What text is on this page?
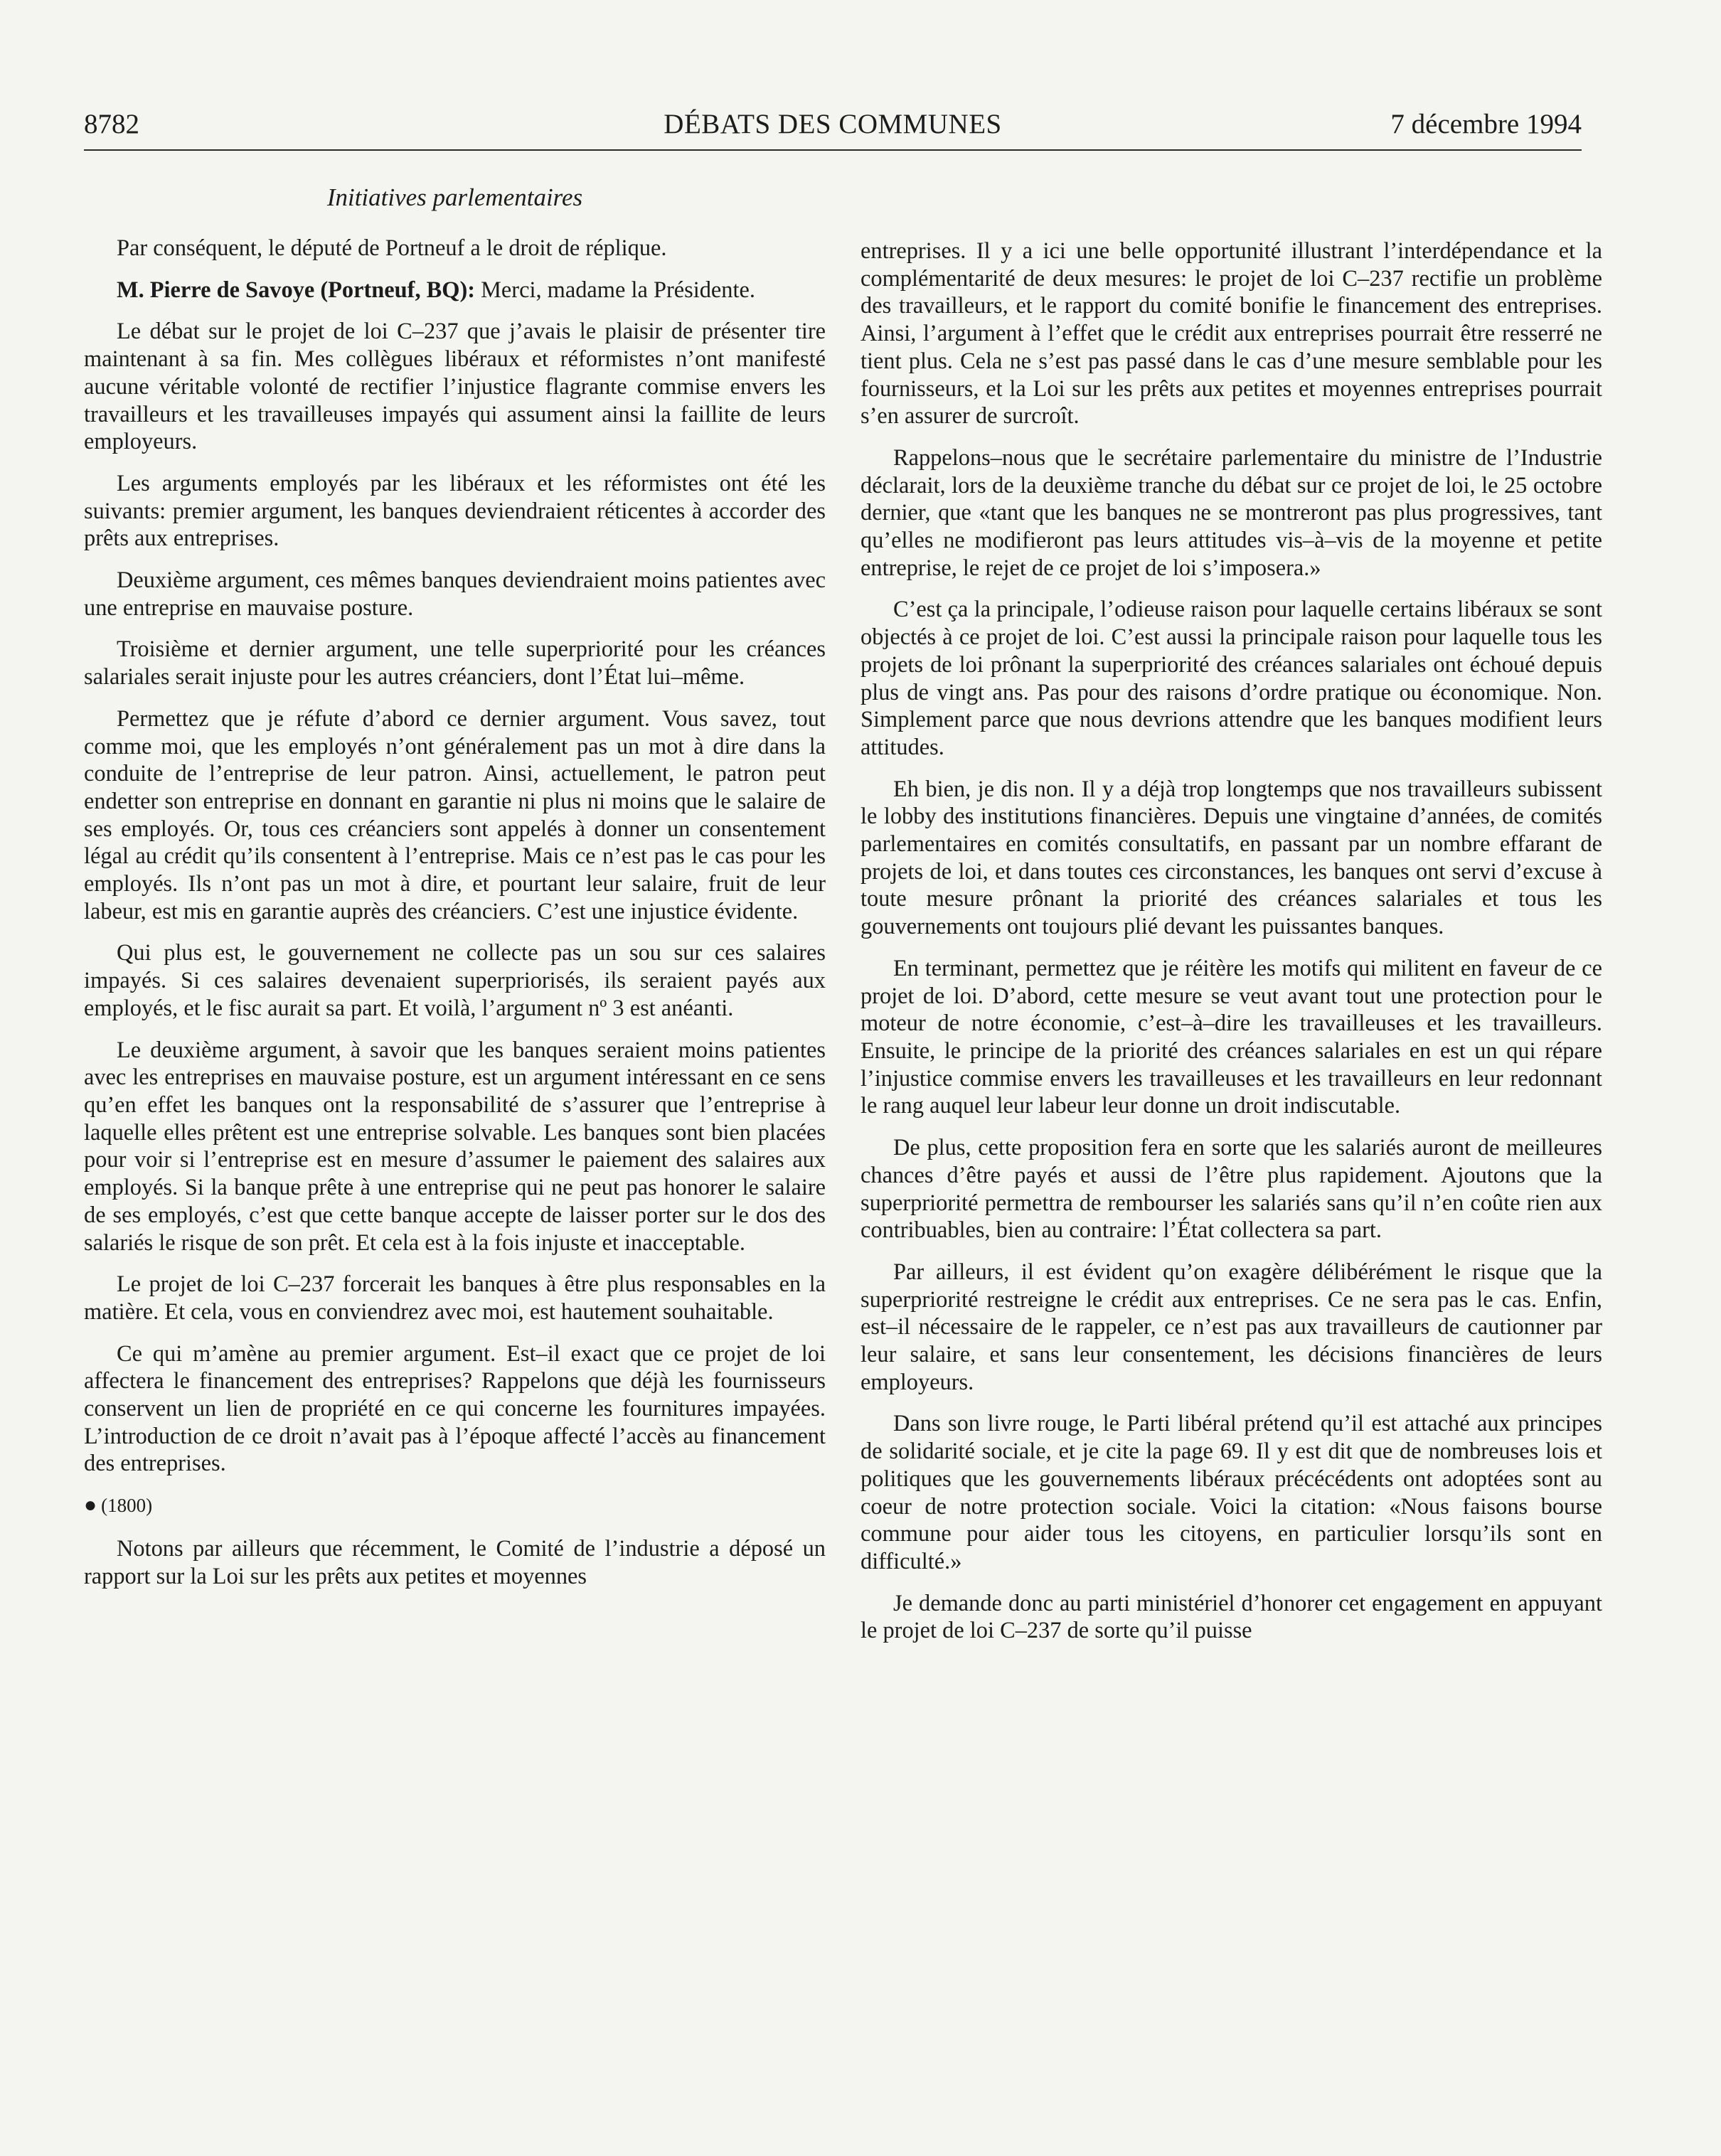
8782	DÉBATS DES COMMUNES	7 décembre 1994
Initiatives parlementaires

Par conséquent, le député de Portneuf a le droit de réplique.

M. Pierre de Savoye (Portneuf, BQ): Merci, madame la Présidente.

Le débat sur le projet de loi C–237 que j’avais le plaisir de présenter tire maintenant à sa fin. Mes collègues libéraux et réformistes n’ont manifesté aucune véritable volonté de rectifier l’injustice flagrante commise envers les travailleurs et les travailleuses impayés qui assument ainsi la faillite de leurs employeurs.

Les arguments employés par les libéraux et les réformistes ont été les suivants: premier argument, les banques deviendraient réticentes à accorder des prêts aux entreprises.

Deuxième argument, ces mêmes banques deviendraient moins patientes avec une entreprise en mauvaise posture.

Troisième et dernier argument, une telle superpriorité pour les créances salariales serait injuste pour les autres créanciers, dont l’État lui–même.

Permettez que je réfute d’abord ce dernier argument. Vous savez, tout comme moi, que les employés n’ont généralement pas un mot à dire dans la conduite de l’entreprise de leur patron. Ainsi, actuellement, le patron peut endetter son entreprise en donnant en garantie ni plus ni moins que le salaire de ses employés. Or, tous ces créanciers sont appelés à donner un consentement légal au crédit qu’ils consentent à l’entreprise. Mais ce n’est pas le cas pour les employés. Ils n’ont pas un mot à dire, et pourtant leur salaire, fruit de leur labeur, est mis en garantie auprès des créanciers. C’est une injustice évidente.

Qui plus est, le gouvernement ne collecte pas un sou sur ces salaires impayés. Si ces salaires devenaient superpriorisés, ils seraient payés aux employés, et le fisc aurait sa part. Et voilà, l’argument nº 3 est anéanti.

Le deuxième argument, à savoir que les banques seraient moins patientes avec les entreprises en mauvaise posture, est un argument intéressant en ce sens qu’en effet les banques ont la responsabilité de s’assurer que l’entreprise à laquelle elles prêtent est une entreprise solvable. Les banques sont bien placées pour voir si l’entreprise est en mesure d’assumer le paiement des salaires aux employés. Si la banque prête à une entreprise qui ne peut pas honorer le salaire de ses employés, c’est que cette banque accepte de laisser porter sur le dos des salariés le risque de son prêt. Et cela est à la fois injuste et inacceptable.

Le projet de loi C–237 forcerait les banques à être plus responsables en la matière. Et cela, vous en conviendrez avec moi, est hautement souhaitable.

Ce qui m’amène au premier argument. Est–il exact que ce projet de loi affectera le financement des entreprises? Rappelons que déjà les fournisseurs conservent un lien de propriété en ce qui concerne les fournitures impayées. L’introduction de ce droit n’avait pas à l’époque affecté l’accès au financement des entreprises.

● (1800)

Notons par ailleurs que récemment, le Comité de l’industrie a déposé un rapport sur la Loi sur les prêts aux petites et moyennes

entreprises. Il y a ici une belle opportunité illustrant l’interdépendance et la complémentarité de deux mesures: le projet de loi C–237 rectifie un problème des travailleurs, et le rapport du comité bonifie le financement des entreprises. Ainsi, l’argument à l’effet que le crédit aux entreprises pourrait être resserré ne tient plus. Cela ne s’est pas passé dans le cas d’une mesure semblable pour les fournisseurs, et la Loi sur les prêts aux petites et moyennes entreprises pourrait s’en assurer de surcroît.

Rappelons–nous que le secrétaire parlementaire du ministre de l’Industrie déclarait, lors de la deuxième tranche du débat sur ce projet de loi, le 25 octobre dernier, que «tant que les banques ne se montreront pas plus progressives, tant qu’elles ne modifieront pas leurs attitudes vis–à–vis de la moyenne et petite entreprise, le rejet de ce projet de loi s’imposera.»

C’est ça la principale, l’odieuse raison pour laquelle certains libéraux se sont objectés à ce projet de loi. C’est aussi la principale raison pour laquelle tous les projets de loi prônant la superpriorité des créances salariales ont échoué depuis plus de vingt ans. Pas pour des raisons d’ordre pratique ou économique. Non. Simplement parce que nous devrions attendre que les banques modifient leurs attitudes.

Eh bien, je dis non. Il y a déjà trop longtemps que nos travailleurs subissent le lobby des institutions financières. Depuis une vingtaine d’années, de comités parlementaires en comités consultatifs, en passant par un nombre effarant de projets de loi, et dans toutes ces circonstances, les banques ont servi d’excuse à toute mesure prônant la priorité des créances salariales et tous les gouvernements ont toujours plié devant les puissantes banques.

En terminant, permettez que je réitère les motifs qui militent en faveur de ce projet de loi. D’abord, cette mesure se veut avant tout une protection pour le moteur de notre économie, c’est–à–dire les travailleuses et les travailleurs. Ensuite, le principe de la priorité des créances salariales en est un qui répare l’injustice commise envers les travailleuses et les travailleurs en leur redonnant le rang auquel leur labeur leur donne un droit indiscutable.

De plus, cette proposition fera en sorte que les salariés auront de meilleures chances d’être payés et aussi de l’être plus rapidement. Ajoutons que la superpriorité permettra de rembourser les salariés sans qu’il n’en coûte rien aux contribuables, bien au contraire: l’État collectera sa part.

Par ailleurs, il est évident qu’on exagère délibérément le risque que la superpriorité restreigne le crédit aux entreprises. Ce ne sera pas le cas. Enfin, est–il nécessaire de le rappeler, ce n’est pas aux travailleurs de cautionner par leur salaire, et sans leur consentement, les décisions financières de leurs employeurs.

Dans son livre rouge, le Parti libéral prétend qu’il est attaché aux principes de solidarité sociale, et je cite la page 69. Il y est dit que de nombreuses lois et politiques que les gouvernements libéraux précécédents ont adoptées sont au coeur de notre protection sociale. Voici la citation: «Nous faisons bourse commune pour aider tous les citoyens, en particulier lorsqu’ils sont en difficulté.»

Je demande donc au parti ministériel d’honorer cet engagement en appuyant le projet de loi C–237 de sorte qu’il puisse
